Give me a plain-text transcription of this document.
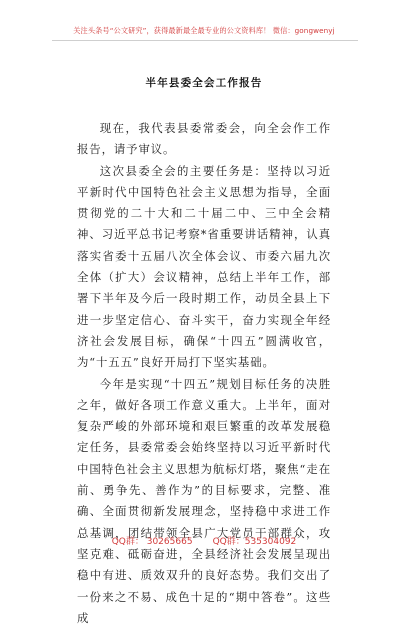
关注头条号“公文研究”，获得最新最全最专业的公文资料库！ 微信：gongwenyj
半年县委全会工作报告

现在，我代表县委常委会，向全会作工作报告，请予审议。

这次县委全会的主要任务是：坚持以习近平新时代中国特色社会主义思想为指导，全面贯彻党的二十大和二十届二中、三中全会精神、习近平总书记考察*省重要讲话精神，认真落实省委十五届八次全体会议、市委六届九次全体（扩大）会议精神，总结上半年工作，部署下半年及今后一段时期工作，动员全县上下进一步坚定信心、奋斗实干，奋力实现全年经济社会发展目标，确保“十四五”圆满收官，为“十五五”良好开局打下坚实基础。

今年是实现“十四五”规划目标任务的决胜之年，做好各项工作意义重大。上半年，面对复杂严峻的外部环境和艰巨繁重的改革发展稳定任务，县委常委会始终坚持以习近平新时代中国特色社会主义思想为航标灯塔，聚焦“走在前、勇争先、善作为”的目标要求，完整、准确、全面贯彻新发展理念，坚持稳中求进工作总基调，团结带领全县广大党员干部群众，攻坚克难、砥砺奋进，全县经济社会发展呈现出稳中有进、质效双升的良好态势。我们交出了一份来之不易、成色十足的“期中答卷”。这些成

QQ群： 30265665       QQ群：535304092
